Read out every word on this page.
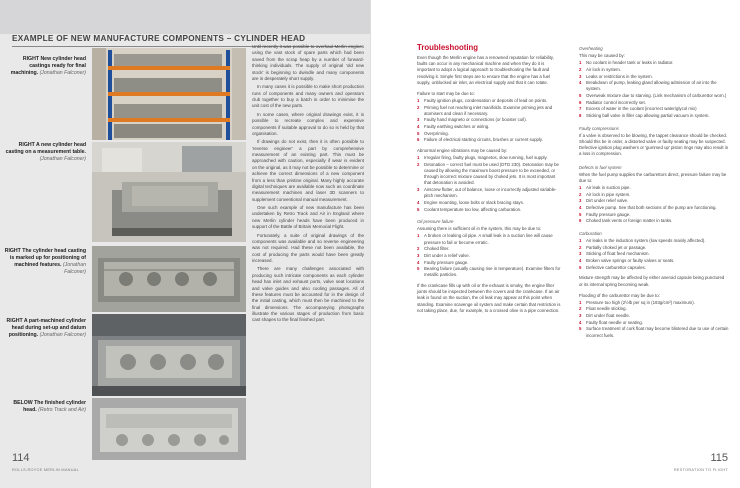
EXAMPLE OF NEW MANUFACTURE COMPONENTS – CYLINDER HEAD
RIGHT New cylinder head castings ready for final machining. (Jonathan Falconer)
RIGHT A new cylinder head casting on a measurement table. (Jonathan Falconer)
RIGHT The cylinder head casting is marked up for positioning of machined features. (Jonathan Falconer)
RIGHT A part-machined cylinder head during set-up and datum positioning. (Jonathan Falconer)
BELOW The finished cylinder head. (Retro Track and Air)

Until recently it was possible to overhaul Merlin engines using the vast stock of spare parts which had been saved from the scrap heap by a number of forward-thinking individuals. The supply of original 'old new stock' is beginning to dwindle and many components are in desperately short supply.

In many cases it is possible to make short production runs of components and many owners and operators club together to buy a batch in order to minimise the unit cost of the new parts.

In some cases, where original drawings exist, it is possible to recreate complex and expensive components if suitable approval to do so is held by that organisation.

If drawings do not exist, then it is often possible to 'reverse engineer' a part by comprehensive measurement of an existing part. This must be approached with caution, especially if wear is evident on the original, as it may not be possible to determine or achieve the correct dimensions of a new component from a less than pristine original. Many highly accurate digital techniques are available now such as coordinate measurement machines and laser 3D scanners to supplement conventional manual measurement.

One such example of new manufacture has been undertaken by Retro Track and Air in England where new Merlin cylinder heads have been produced in support of the Battle of Britain Memorial Flight.

Fortunately, a suite of original drawings of the components was available and so reverse engineering was not required. Had these not been available, the cost of producing the parts would have been greatly increased.

There are many challenges associated with producing such intricate components as each cylinder head has inlet and exhaust ports, valve seat locations and valve guides and also cooling passages. All of these features must be accounted for in the design of the initial casting, which must then be machined to the final dimensions. The accompanying photographs illustrate the various stages of production from basic cast shapes to the final finished part.

114
ROLLS-ROYCE MERLIN MANUAL
Troubleshooting

Even though the Merlin engine has a renowned reputation for reliability, faults can occur in any mechanical machine and when they do it is important to adopt a logical approach to troubleshooting the fault and resolving it. Simple first steps are to ensure that the engine has a fuel supply, unblocked air inlet, an electrical supply and that it can rotate.

Failure to start may be due to:

1 Faulty ignition plugs, condensation or deposits of lead on points.
2 Priming fuel not reaching inlet manifolds. Examine priming jets and atomisers and clean if necessary.
3 Faulty hand magneto or connections (or booster coil).
4 Faulty earthing switches or wiring.
5 Overpriming.
6 Failure of electrical starting circuits, brushes or current supply.

Abnormal engine vibrations may be caused by:

1 Irregular firing, faulty plugs, magnetos, slow running, fuel supply.
2 Detonation – correct fuel must be used (DTD 230). Detonation may be caused by allowing the maximum boost pressure to be exceeded, or through incorrect mixture caused by choked jets. It is most important that detonation is avoided.
3 Airscrew flutter, out of balance, loose or incorrectly adjusted variable-pitch mechanism.
4 Engine mounting, loose bolts or slack bracing stays.
5 Coolant temperature too low, affecting carburation.

Oil pressure failure

Assuming there is sufficient oil in the system, this may be due to:

1 A broken or leaking oil pipe. A small leak in a suction line will cause pressure to fail or become erratic.
2 Choked filter.
3 Dirt under a relief valve.
4 Faulty pressure gauge.
5 Bearing failure (usually causing rise in temperature). Examine filters for metallic particles.

If the crankcase fills up with oil or the exhaust is smoky, the engine filter joints should be inspected between the covers and the crankcase. If an air leak is found on the suction, the oil leak may appear at this point when standing. Examine scavenge oil system and make certain that restriction is not taking place, due, for example, to a crossed olive in a pipe connection.

Overheating

This may be caused by:

1 No coolant in header tank or leaks in radiator.
2 Air lock in system.
3 Leaks or restrictions in the system.
4 Breakdown of pump, leaking gland allowing admission of air into the system.
5 Overweak mixture due to starving. (Link mechanism of carburettor worn.)
6 Radiator control incorrectly set.
7 Excess of water in the coolant (incorrect water/glycol mix)
8 Sticking ball valve in filler cap allowing partial vacuum in system.

Faulty compressions

If a valve is observed to be blowing, the tappet clearance should be checked. Should this be in order, a distorted valve or faulty seating may be suspected. Defective ignition plug washers or 'gummed up' piston rings may also result in a loss in compression.

Defects in fuel system

When the fuel pump supplies the carburettors direct, pressure failure may be due to:

1 Air leak in suction pipe.
2 Air lock in pipe system.
3 Dirt under relief valve.
4 Defective pump. See that both sections of the pump are functioning.
5 Faulty pressure gauge.
6 Choked tank vents or foreign matter in tanks.

Carburation

1 Air leaks in the induction system (low speeds mainly affected).
2 Partially choked jet or passage.
3 Sticking of float feed mechanism.
4 Broken valve springs or faulty valves or seats.
5 Defective carburettor capsules.

Mixture strength may be affected by either aneroid capsule being punctured or its internal spring becoming weak.

Flooding of the carburettor may be due to:

1 Pressure too high (2½lb per sq in (193g/cm²) maximum).
2 Float needle sticking.
3 Dirt under float needle.
4 Faulty float needle or seating.
5 Surface treatment of cork float may become blistered due to use of certain incorrect fuels.
115
RESTORATION TO FLIGHT
